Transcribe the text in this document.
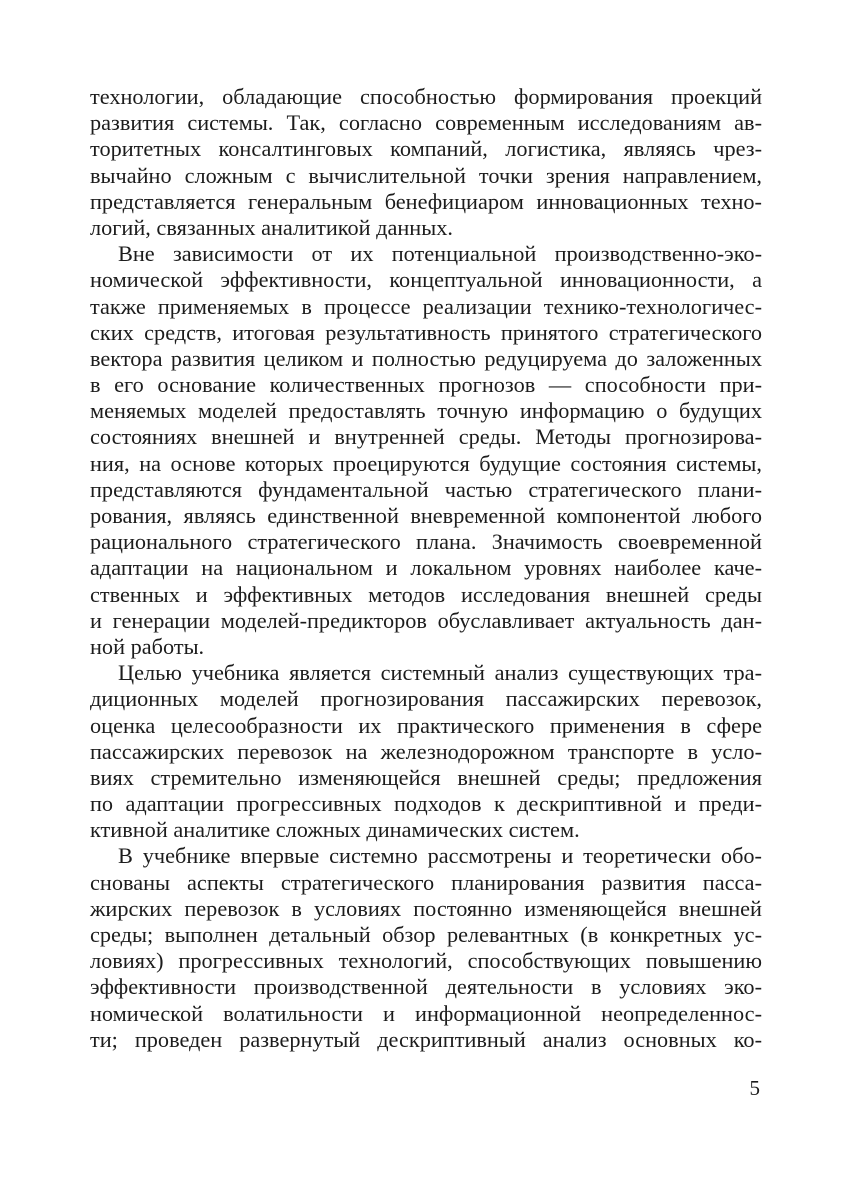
технологии, обладающие способностью формирования проекций
развития системы. Так, согласно современным исследованиям ав-
торитетных консалтинговых компаний, логистика, являясь чрез-
вычайно сложным с вычислительной точки зрения направлением,
представляется генеральным бенефициаром инновационных техно-
логий, связанных аналитикой данных.
Вне зависимости от их потенциальной производственно-эко-
номической эффективности, концептуальной инновационности, а
также применяемых в процессе реализации технико-технологичес-
ских средств, итоговая результативность принятого стратегического
вектора развития целиком и полностью редуцируема до заложенных
в его основание количественных прогнозов — способности при-
меняемых моделей предоставлять точную информацию о будущих
состояниях внешней и внутренней среды. Методы прогнозирова-
ния, на основе которых проецируются будущие состояния системы,
представляются фундаментальной частью стратегического плани-
рования, являясь единственной вневременной компонентой любого
рационального стратегического плана. Значимость своевременной
адаптации на национальном и локальном уровнях наиболее каче-
ственных и эффективных методов исследования внешней среды
и генерации моделей-предикторов обуславливает актуальность дан-
ной работы.
Целью учебника является системный анализ существующих тра-
диционных моделей прогнозирования пассажирских перевозок,
оценка целесообразности их практического применения в сфере
пассажирских перевозок на железнодорожном транспорте в усло-
виях стремительно изменяющейся внешней среды; предложения
по адаптации прогрессивных подходов к дескриптивной и преди-
ктивной аналитике сложных динамических систем.
В учебнике впервые системно рассмотрены и теоретически обо-
снованы аспекты стратегического планирования развития пасса-
жирских перевозок в условиях постоянно изменяющейся внешней
среды; выполнен детальный обзор релевантных (в конкретных ус-
ловиях) прогрессивных технологий, способствующих повышению
эффективности производственной деятельности в условиях эко-
номической волатильности и информационной неопределеннос-
ти; проведен развернутый дескриптивный анализ основных ко-
5
